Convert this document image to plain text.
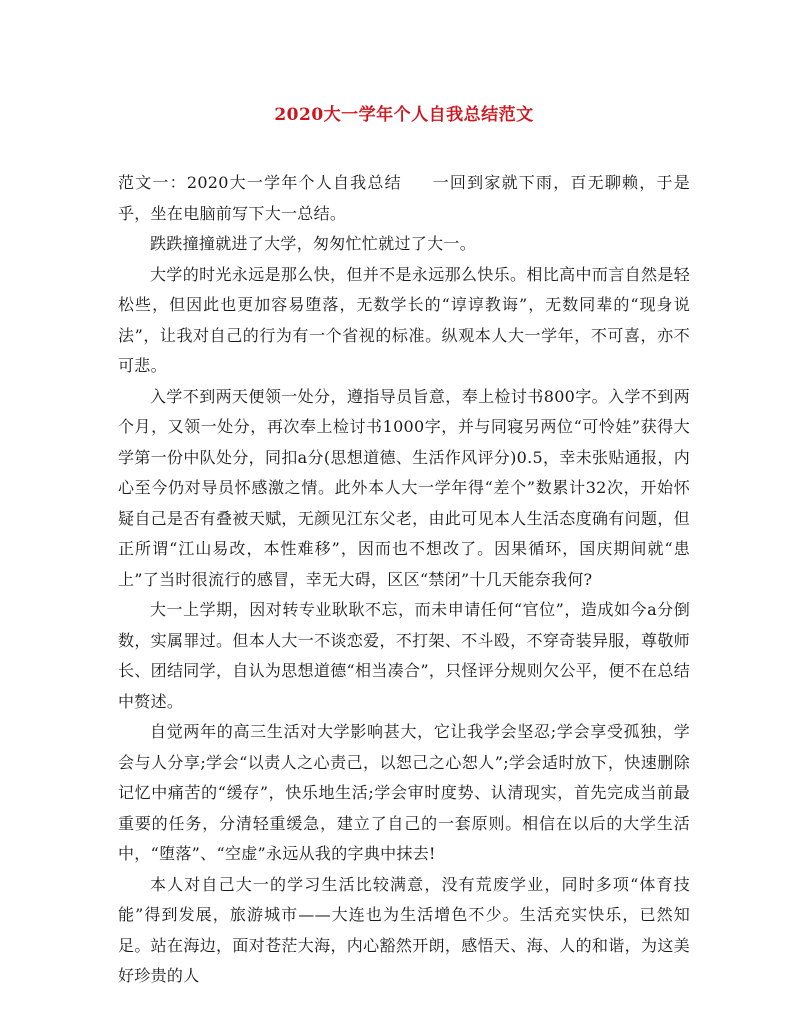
2020大一学年个人自我总结范文

范文一：2020大一学年个人自我总结 一回到家就下雨，百无聊赖，于是乎，坐在电脑前写下大一总结。

跌跌撞撞就进了大学，匆匆忙忙就过了大一。

大学的时光永远是那么快，但并不是永远那么快乐。相比高中而言自然是轻松些，但因此也更加容易堕落，无数学长的“谆谆教诲”，无数同辈的“现身说法”，让我对自己的行为有一个省视的标准。纵观本人大一学年，不可喜，亦不可悲。

入学不到两天便领一处分，遵指导员旨意，奉上检讨书800字。入学不到两个月，又领一处分，再次奉上检讨书1000字，并与同寝另两位“可怜娃”获得大学第一份中队处分，同扣a分(思想道德、生活作风评分)0.5，幸未张贴通报，内心至今仍对导员怀感激之情。此外本人大一学年得“差个”数累计32次，开始怀疑自己是否有叠被天赋，无颜见江东父老，由此可见本人生活态度确有问题，但正所谓“江山易改，本性难移”，因而也不想改了。因果循环，国庆期间就“患上”了当时很流行的感冒，幸无大碍，区区“禁闭”十几天能奈我何?

大一上学期，因对转专业耿耿不忘，而未申请任何“官位”，造成如今a分倒数，实属罪过。但本人大一不谈恋爱，不打架、不斗殴，不穿奇装异服，尊敬师长、团结同学，自认为思想道德“相当凑合”，只怪评分规则欠公平，便不在总结中赘述。

自觉两年的高三生活对大学影响甚大，它让我学会坚忍;学会享受孤独，学会与人分享;学会“以责人之心责己，以恕己之心恕人”;学会适时放下，快速删除记忆中痛苦的“缓存”，快乐地生活;学会审时度势、认清现实，首先完成当前最重要的任务，分清轻重缓急，建立了自己的一套原则。相信在以后的大学生活中，“堕落”、“空虚”永远从我的字典中抹去!

本人对自己大一的学习生活比较满意，没有荒废学业，同时多项“体育技能”得到发展，旅游城市——大连也为生活增色不少。生活充实快乐，已然知足。站在海边，面对苍茫大海，内心豁然开朗，感悟天、海、人的和谐，为这美好珍贵的人
